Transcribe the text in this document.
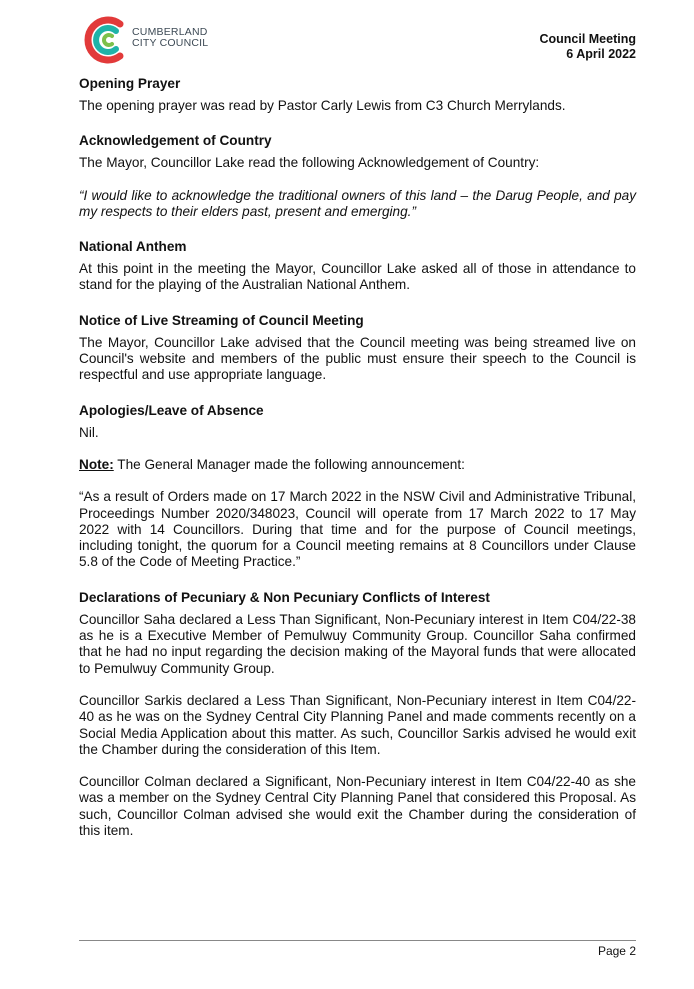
CUMBERLAND
CITY COUNCIL	Council Meeting
6 April 2022
Opening Prayer

The opening prayer was read by Pastor Carly Lewis from C3 Church Merrylands.

Acknowledgement of Country

The Mayor, Councillor Lake read the following Acknowledgement of Country:

“I would like to acknowledge the traditional owners of this land – the Darug People, and pay my respects to their elders past, present and emerging.”

National Anthem

At this point in the meeting the Mayor, Councillor Lake asked all of those in attendance to stand for the playing of the Australian National Anthem.

Notice of Live Streaming of Council Meeting

The Mayor, Councillor Lake advised that the Council meeting was being streamed live on Council's website and members of the public must ensure their speech to the Council is respectful and use appropriate language.

Apologies/Leave of Absence

Nil.

Note: The General Manager made the following announcement:

“As a result of Orders made on 17 March 2022 in the NSW Civil and Administrative Tribunal, Proceedings Number 2020/348023, Council will operate from 17 March 2022 to 17 May 2022 with 14 Councillors. During that time and for the purpose of Council meetings, including tonight, the quorum for a Council meeting remains at 8 Councillors under Clause 5.8 of the Code of Meeting Practice.”

Declarations of Pecuniary & Non Pecuniary Conflicts of Interest

Councillor Saha declared a Less Than Significant, Non-Pecuniary interest in Item C04/22-38 as he is a Executive Member of Pemulwuy Community Group. Councillor Saha confirmed that he had no input regarding the decision making of the Mayoral funds that were allocated to Pemulwuy Community Group.

Councillor Sarkis declared a Less Than Significant, Non-Pecuniary interest in Item C04/22-40 as he was on the Sydney Central City Planning Panel and made comments recently on a Social Media Application about this matter. As such, Councillor Sarkis advised he would exit the Chamber during the consideration of this Item.

Councillor Colman declared a Significant, Non-Pecuniary interest in Item C04/22-40 as she was a member on the Sydney Central City Planning Panel that considered this Proposal. As such, Councillor Colman advised she would exit the Chamber during the consideration of this item.

Page 2
